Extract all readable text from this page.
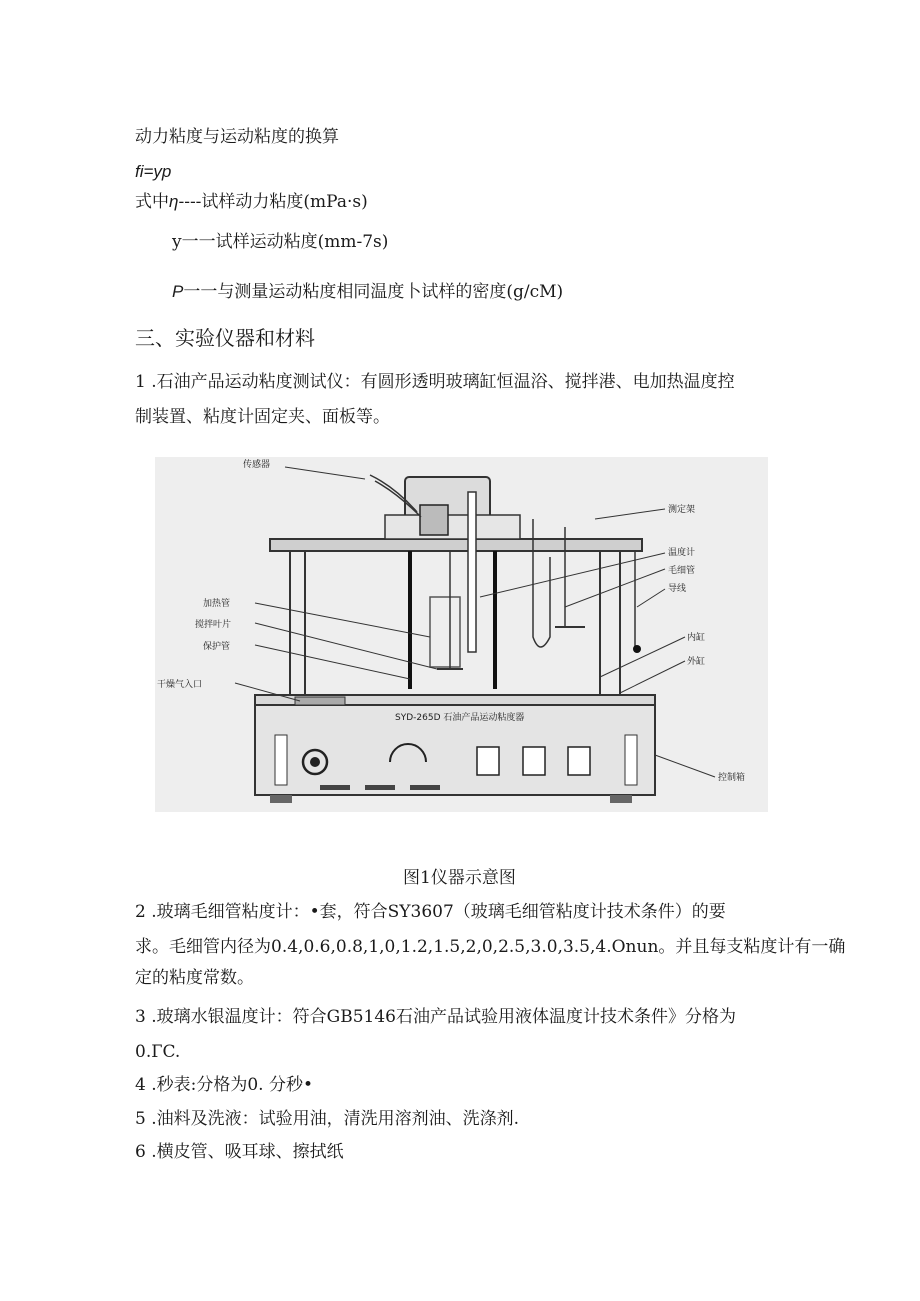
动力粘度与运动粘度的换算
fi=yp
式中η----试样动力粘度(mPa·s)
y一一试样运动粘度(mm-7s)
P一一与测量运动粘度相同温度卜试样的密度(g/cM)
三、实验仪器和材料
1 .石油产品运动粘度测试仪：有圆形透明玻璃缸恒温浴、搅拌港、电加热温度控
制装置、粘度计固定夹、面板等。
传感器
测定架
温度计
毛细管
导线
加热管
搅拌叶片
保护管
干燥气入口
内缸
外缸
控制箱
SYD-265D 石油产品运动粘度器
图1仪器示意图
2 .玻璃毛细管粘度计：•套，符合SY3607（玻璃毛细管粘度计技术条件）的要
求。毛细管内径为0.4,0.6,0.8,1,0,1.2,1.5,2,0,2.5,3.0,3.5,4.Onun。并且每支粘度计有一确
定的粘度常数。
3 .玻璃水银温度计：符合GB5146石油产品试验用液体温度计技术条件》分格为
0.ГC.
4 .秒表:分格为0. 分秒•
5 .油料及洗液：试验用油，清洗用溶剂油、洗涤剂.
6 .横皮管、吸耳球、擦拭纸
